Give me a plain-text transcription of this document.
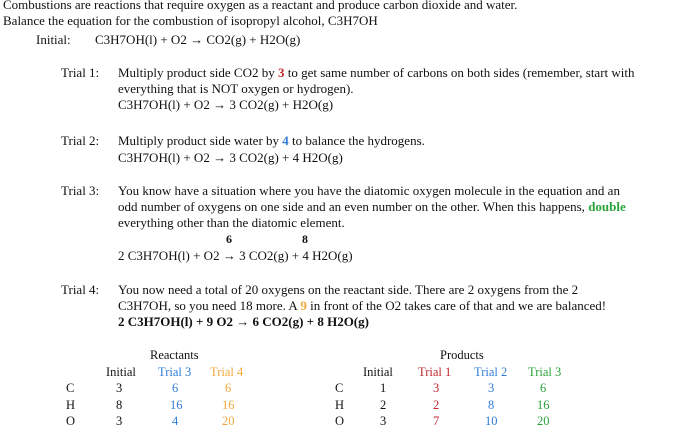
Combustions are reactions that require oxygen as a reactant and produce carbon dioxide and water.
Balance the equation for the combustion of isopropyl alcohol, C3H7OH
Initial: C3H7OH(l) + O2 → CO2(g) + H2O(g)
Trial 1: Multiply product side CO2 by 3 to get same number of carbons on both sides (remember, start with
everything that is NOT oxygen or hydrogen).
C3H7OH(l) + O2 → 3 CO2(g) + H2O(g)
Trial 2: Multiply product side water by 4 to balance the hydrogens.
C3H7OH(l) + O2 → 3 CO2(g) + 4 H2O(g)
Trial 3: You know have a situation where you have the diatomic oxygen molecule in the equation and an
odd number of oxygens on one side and an even number on the other. When this happens, double
everything other than the diatomic element.
6	8
2 C3H7OH(l) + O2 → 3 CO2(g) + 4 H2O(g)
Trial 4: You now need a total of 20 oxygens on the reactant side. There are 2 oxygens from the 2
C3H7OH, so you need 18 more. A 9 in front of the O2 takes care of that and we are balanced!
2 C3H7OH(l) + 9 O2 → 6 CO2(g) + 8 H2O(g)
Reactants
Initial Trial 3 Trial 4
C
H
O
3
8
3
6
16
4
6
16
20
Products
Initial Trial 1 Trial 2 Trial 3
C
H
O
1
2
3
3
2
7
3
8
10
6
16
20
